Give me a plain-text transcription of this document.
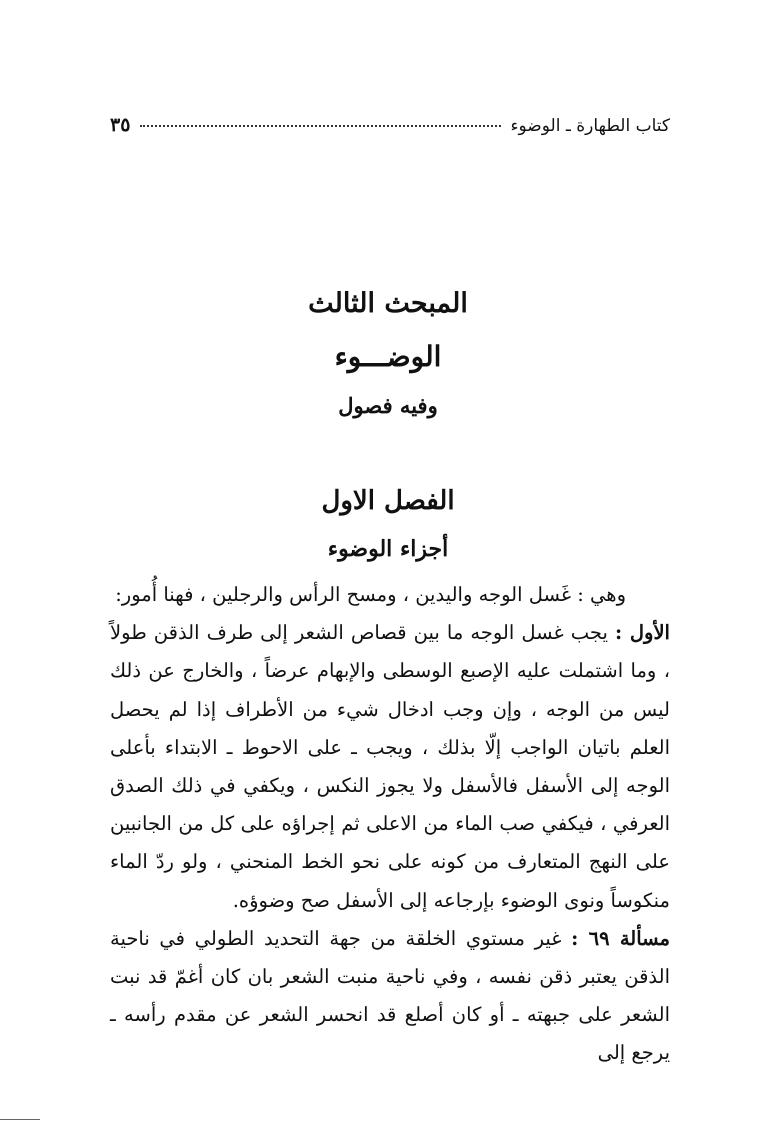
كتاب الطهارة ـ الوضوء
٣٥
المبحث الثالث
الوضـــوء
وفيه فصول
الفصل الاول
أجزاء الوضوء

وهي : غَسل الوجه واليدين ، ومسح الرأس والرجلين ، فهنا أُمور:

الأول : يجب غسل الوجه ما بين قصاص الشعر إلى طرف الذقن طولاً ، وما اشتملت عليه الإصبع الوسطى والإبهام عرضاً ، والخارج عن ذلك ليس من الوجه ، وإن وجب ادخال شيء من الأطراف إذا لم يحصل العلم باتيان الواجب إلّا بذلك ، ويجب ـ على الاحوط ـ الابتداء بأعلى الوجه إلى الأسفل فالأسفل ولا يجوز النكس ، ويكفي في ذلك الصدق العرفي ، فيكفي صب الماء من الاعلى ثم إجراؤه على كل من الجانبين على النهج المتعارف من كونه على نحو الخط المنحني ، ولو ردّ الماء منكوساً ونوى الوضوء بإرجاعه إلى الأسفل صح وضوؤه.

مسألة ٦٩ : غير مستوي الخلقة من جهة التحديد الطولي في ناحية الذقن يعتبر ذقن نفسه ، وفي ناحية منبت الشعر بان كان أغمّ قد نبت الشعر على جبهته ـ أو كان أصلع قد انحسر الشعر عن مقدم رأسه ـ يرجع إلى
